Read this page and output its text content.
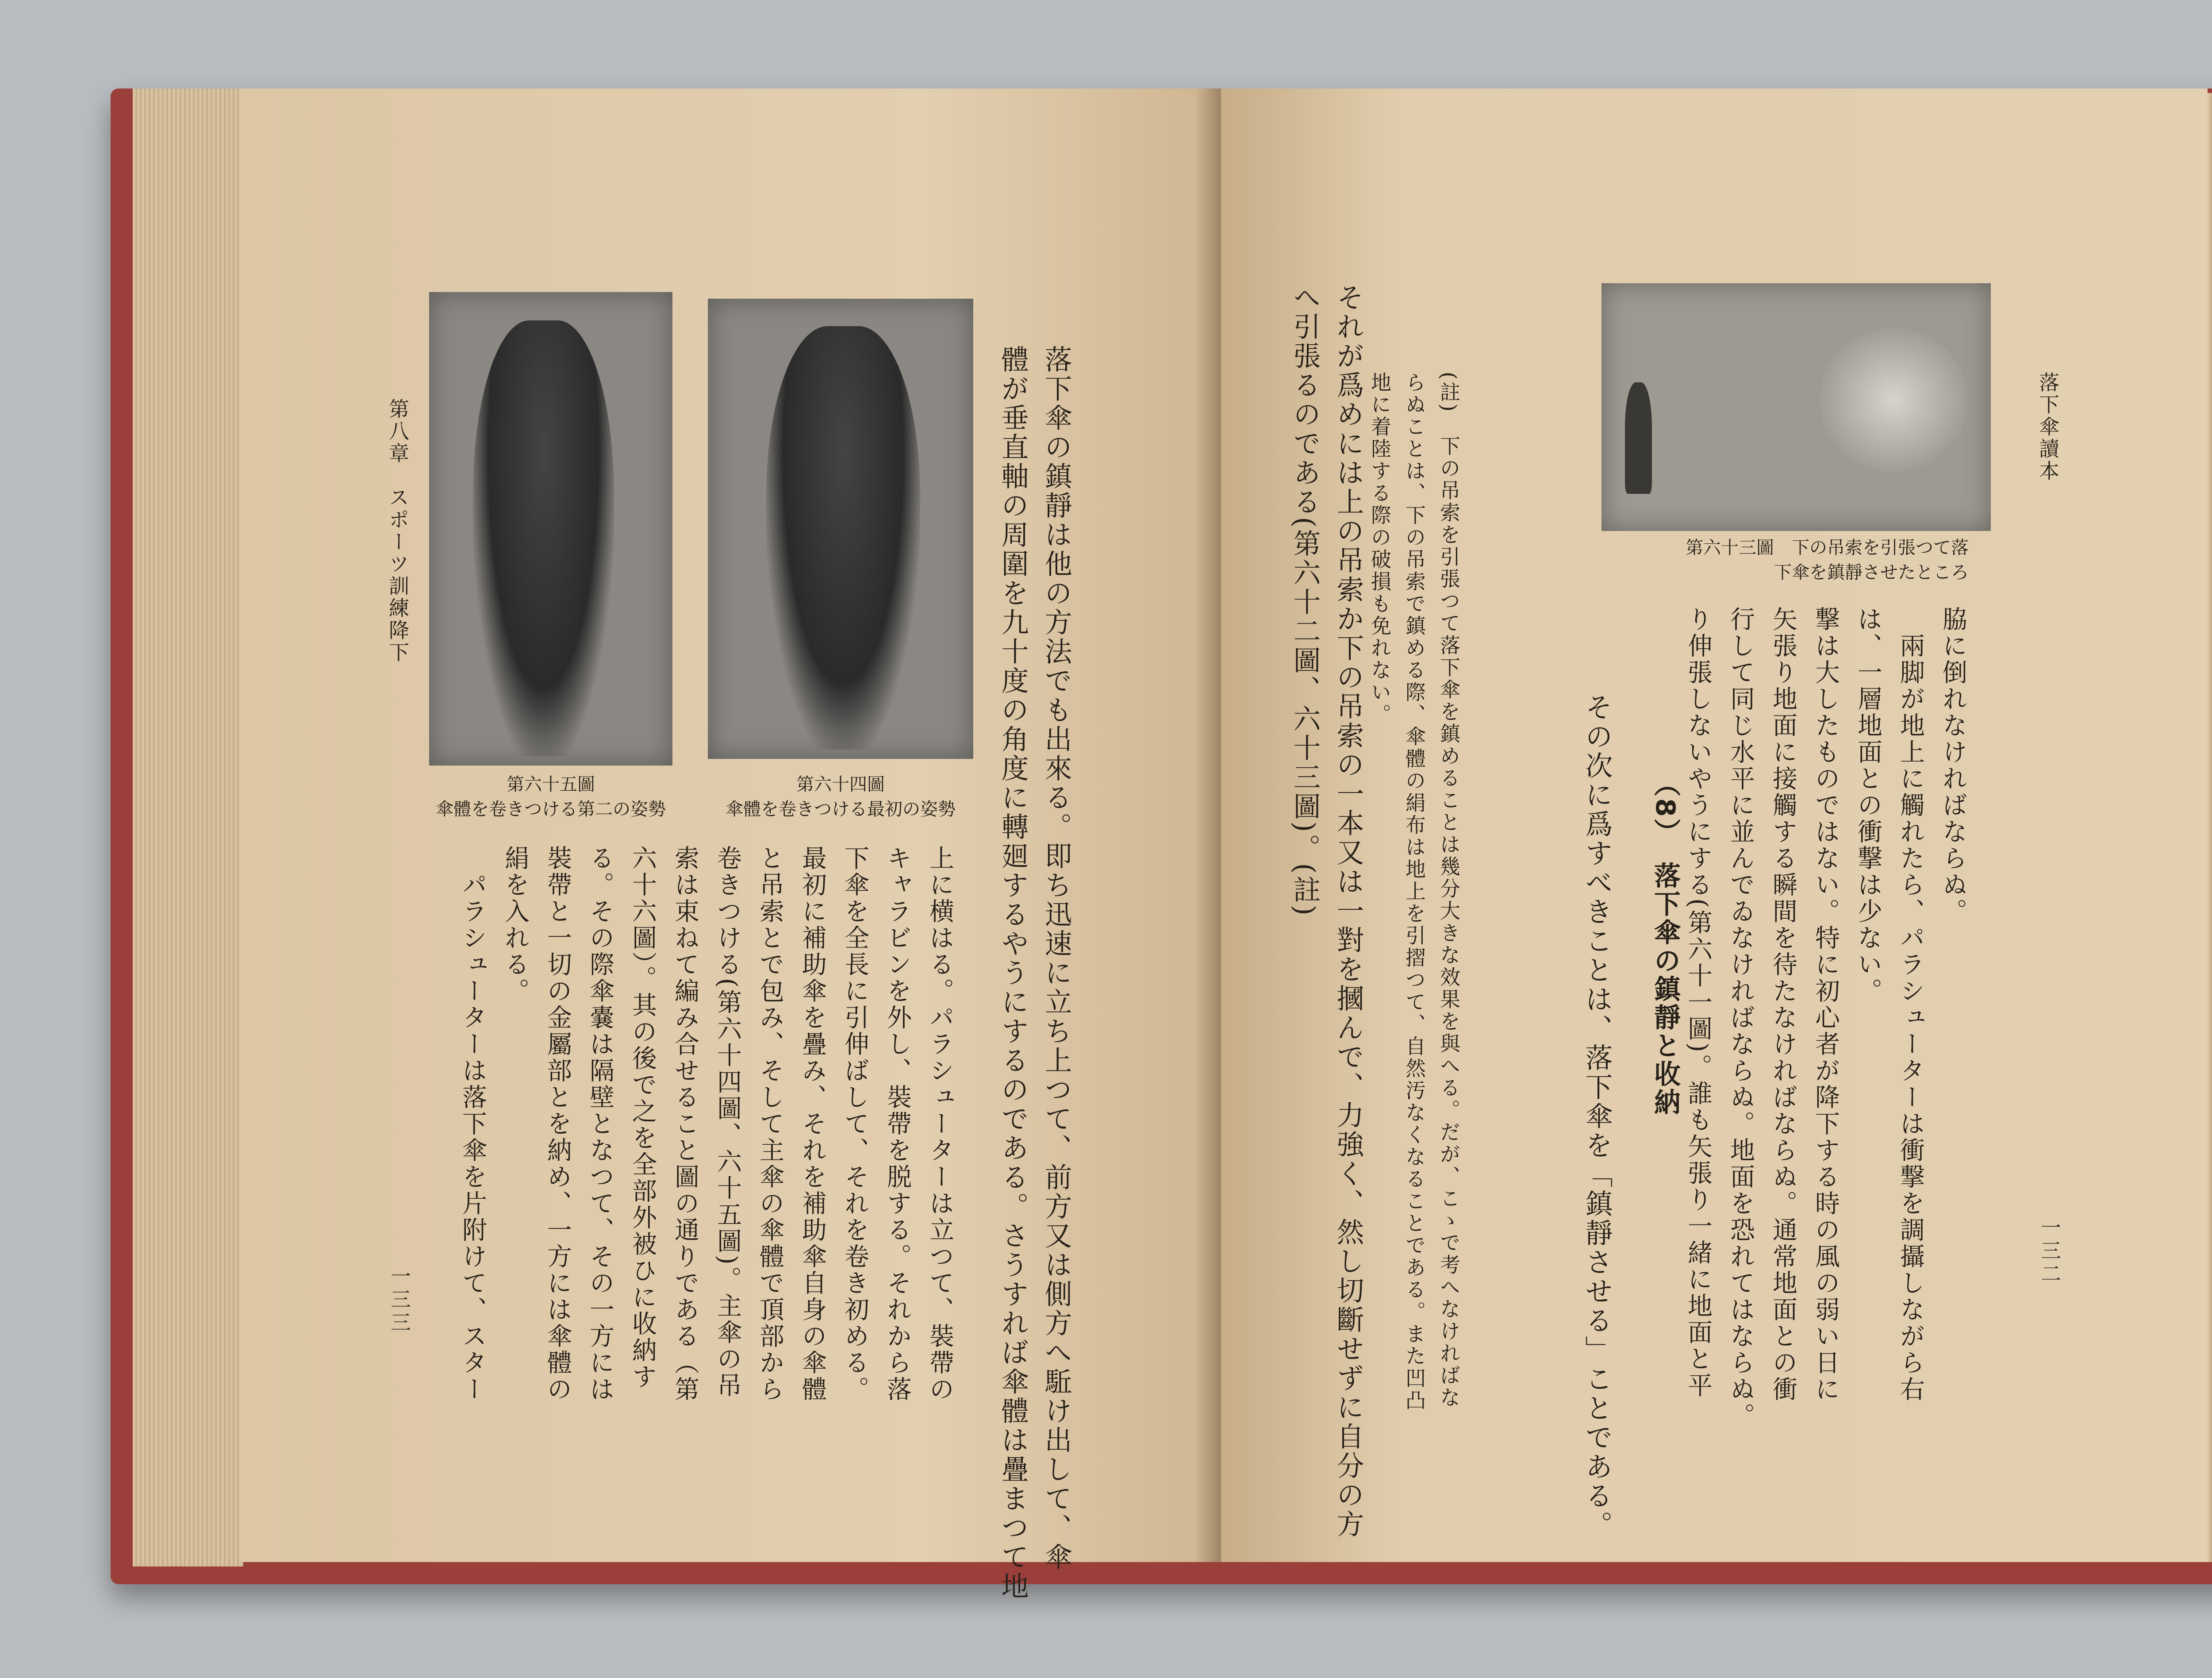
第八章　スポーツ訓練降下
第六十五圖
傘體を卷きつける第二の姿勢
第六十四圖
傘體を卷きつける最初の姿勢	落下傘の鎮靜は他の方法でも出來る。即ち迅速に立ち上つて、前方又は側方へ駈け出して、傘
體が垂直軸の周圍を九十度の角度に轉廻するやうにするのである。さうすれば傘體は疊まつて地
上に横はる。パラシューターは立つて、裝帶の
キャラビンを外し、裝帶を脱する。それから落
下傘を全長に引伸ばして、それを卷き初める。
最初に補助傘を疊み、それを補助傘自身の傘體
と吊索とで包み、そして主傘の傘體で頂部から
卷きつける(第六十四圖、六十五圖)。主傘の吊
索は束ねて編み合せること圖の通りである（第
六十六圖）。其の後で之を全部外被ひに收納す
る。その際傘嚢は隔壁となつて、その一方には
裝帶と一切の金屬部とを納め、一方には傘體の
絹を入れる。
　パラシューターは落下傘を片附けて、スター
一三三	それが爲めには上の吊索か下の吊索の一本又は一對を摑んで、力強く、然し切斷せずに自分の方
へ引張るのである(第六十二圖、六十三圖)。(註)	(註)　下の吊索を引張つて落下傘を鎮めることは幾分大きな效果を與へる。だが、こゝで考へなければな
らぬことは、下の吊索で鎮める際、傘體の絹布は地上を引摺つて、自然汚なくなることである。また凹凸
地に着陸する際の破損も免れない。
　その次に爲すべきことは、落下傘を「鎮靜させる」ことである。 （8）　落下傘の鎮靜と收納
第六十三圖　下の吊索を引張つて落
下傘を鎮靜させたところ
脇に倒れなければならぬ。
　兩脚が地上に觸れたら、パラシューターは衝撃を調攝しながら右
は、一層地面との衝撃は少ない。
撃は大したものではない。特に初心者が降下する時の風の弱い日に
矢張り地面に接觸する瞬間を待たなければならぬ。通常地面との衝
行して同じ水平に並んでゐなければならぬ。地面を恐れてはならぬ。
り伸張しないやうにする(第六十一圖)。誰も矢張り一緒に地面と平
落下傘讀本
一三二
